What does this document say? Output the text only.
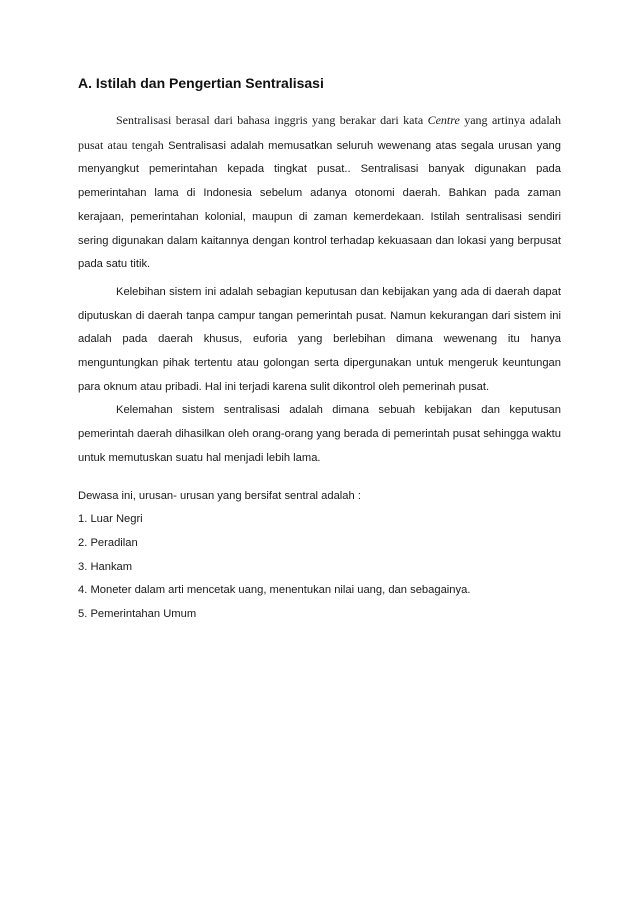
A. Istilah dan Pengertian Sentralisasi

Sentralisasi berasal dari bahasa inggris yang berakar dari kata Centre yang artinya adalah pusat atau tengah Sentralisasi adalah memusatkan seluruh wewenang atas segala urusan yang menyangkut pemerintahan kepada tingkat pusat.. Sentralisasi banyak digunakan pada pemerintahan lama di Indonesia sebelum adanya otonomi daerah. Bahkan pada zaman kerajaan, pemerintahan kolonial, maupun di zaman kemerdekaan. Istilah sentralisasi sendiri sering digunakan dalam kaitannya dengan kontrol terhadap kekuasaan dan lokasi yang berpusat pada satu titik.

Kelebihan sistem ini adalah sebagian keputusan dan kebijakan yang ada di daerah dapat diputuskan di daerah tanpa campur tangan pemerintah pusat. Namun kekurangan dari sistem ini adalah pada daerah khusus, euforia yang berlebihan dimana wewenang itu hanya menguntungkan pihak tertentu atau golongan serta dipergunakan untuk mengeruk keuntungan para oknum atau pribadi. Hal ini terjadi karena sulit dikontrol oleh pemerinah pusat.

Kelemahan sistem sentralisasi adalah dimana sebuah kebijakan dan keputusan pemerintah daerah dihasilkan oleh orang-orang yang berada di pemerintah pusat sehingga waktu untuk memutuskan suatu hal menjadi lebih lama.

Dewasa ini, urusan- urusan yang bersifat sentral adalah :

1. Luar Negri
2. Peradilan
3. Hankam
4. Moneter dalam arti mencetak uang, menentukan nilai uang, dan sebagainya.
5. Pemerintahan Umum
